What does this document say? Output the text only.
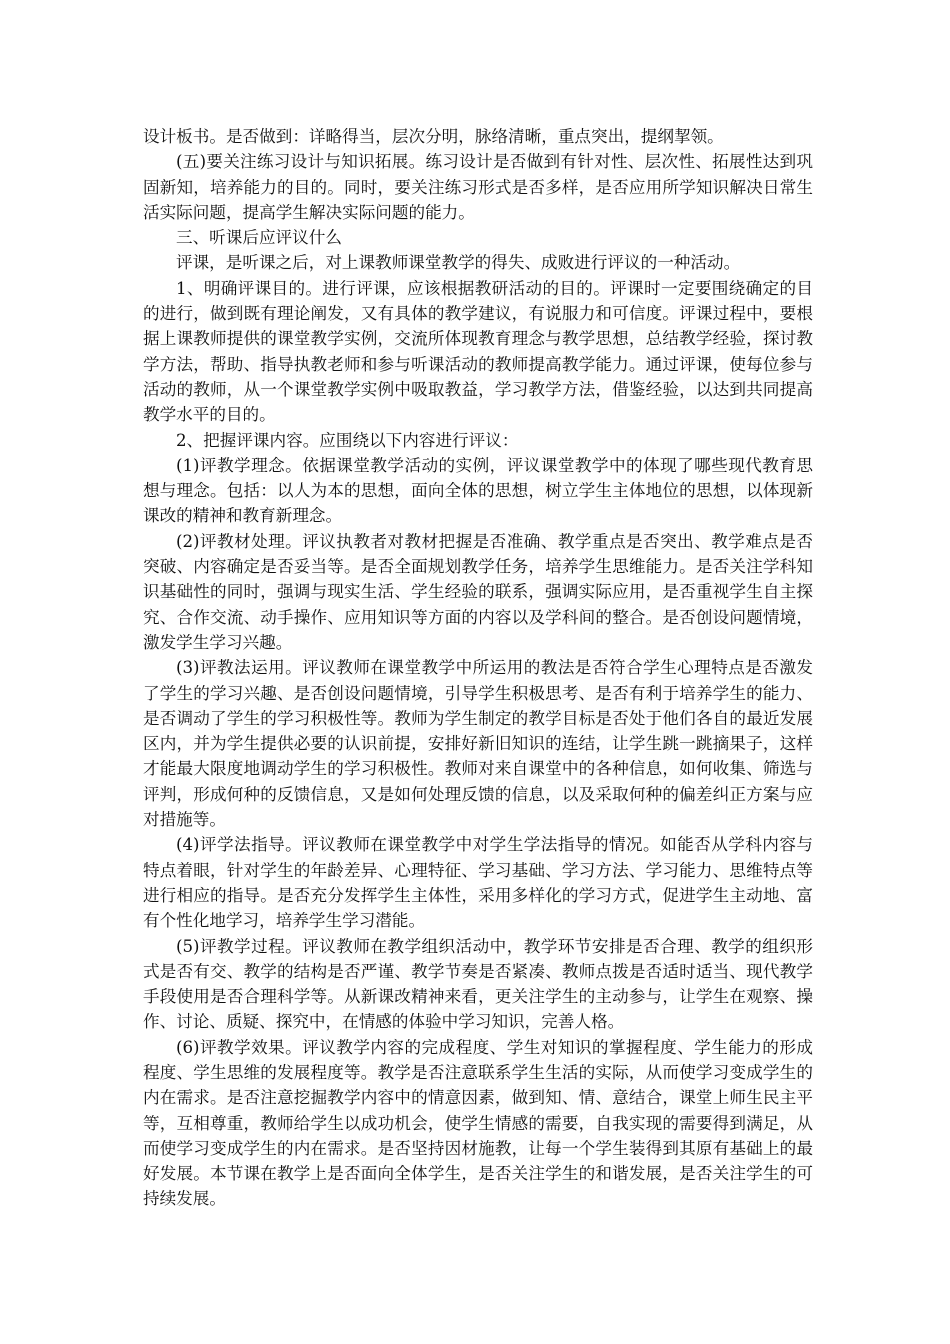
设计板书。是否做到：详略得当，层次分明，脉络清晰，重点突出，提纲挈领。

(五)要关注练习设计与知识拓展。练习设计是否做到有针对性、层次性、拓展性达到巩固新知，培养能力的目的。同时，要关注练习形式是否多样，是否应用所学知识解决日常生活实际问题，提高学生解决实际问题的能力。

三、听课后应评议什么

评课，是听课之后，对上课教师课堂教学的得失、成败进行评议的一种活动。

1、明确评课目的。进行评课，应该根据教研活动的目的。评课时一定要围绕确定的目的进行，做到既有理论阐发，又有具体的教学建议，有说服力和可信度。评课过程中，要根据上课教师提供的课堂教学实例，交流所体现教育理念与教学思想，总结教学经验，探讨教学方法，帮助、指导执教老师和参与听课活动的教师提高教学能力。通过评课，使每位参与活动的教师，从一个课堂教学实例中吸取教益，学习教学方法，借鉴经验，以达到共同提高教学水平的目的。

2、把握评课内容。应围绕以下内容进行评议：

(1)评教学理念。依据课堂教学活动的实例，评议课堂教学中的体现了哪些现代教育思想与理念。包括：以人为本的思想，面向全体的思想，树立学生主体地位的思想，以体现新课改的精神和教育新理念。

(2)评教材处理。评议执教者对教材把握是否准确、教学重点是否突出、教学难点是否突破、内容确定是否妥当等。是否全面规划教学任务，培养学生思维能力。是否关注学科知识基础性的同时，强调与现实生活、学生经验的联系，强调实际应用，是否重视学生自主探究、合作交流、动手操作、应用知识等方面的内容以及学科间的整合。是否创设问题情境，激发学生学习兴趣。

(3)评教法运用。评议教师在课堂教学中所运用的教法是否符合学生心理特点是否激发了学生的学习兴趣、是否创设问题情境，引导学生积极思考、是否有利于培养学生的能力、是否调动了学生的学习积极性等。教师为学生制定的教学目标是否处于他们各自的最近发展区内，并为学生提供必要的认识前提，安排好新旧知识的连结，让学生跳一跳摘果子，这样才能最大限度地调动学生的学习积极性。教师对来自课堂中的各种信息，如何收集、筛选与评判，形成何种的反馈信息，又是如何处理反馈的信息，以及采取何种的偏差纠正方案与应对措施等。

(4)评学法指导。评议教师在课堂教学中对学生学法指导的情况。如能否从学科内容与特点着眼，针对学生的年龄差异、心理特征、学习基础、学习方法、学习能力、思维特点等进行相应的指导。是否充分发挥学生主体性，采用多样化的学习方式，促进学生主动地、富有个性化地学习，培养学生学习潜能。

(5)评教学过程。评议教师在教学组织活动中，教学环节安排是否合理、教学的组织形式是否有交、教学的结构是否严谨、教学节奏是否紧凑、教师点拨是否适时适当、现代教学手段使用是否合理科学等。从新课改精神来看，更关注学生的主动参与，让学生在观察、操作、讨论、质疑、探究中，在情感的体验中学习知识，完善人格。

(6)评教学效果。评议教学内容的完成程度、学生对知识的掌握程度、学生能力的形成程度、学生思维的发展程度等。教学是否注意联系学生生活的实际，从而使学习变成学生的内在需求。是否注意挖掘教学内容中的情意因素，做到知、情、意结合，课堂上师生民主平等，互相尊重，教师给学生以成功机会，使学生情感的需要，自我实现的需要得到满足，从而使学习变成学生的内在需求。是否坚持因材施教，让每一个学生装得到其原有基础上的最好发展。本节课在教学上是否面向全体学生，是否关注学生的和谐发展，是否关注学生的可持续发展。
